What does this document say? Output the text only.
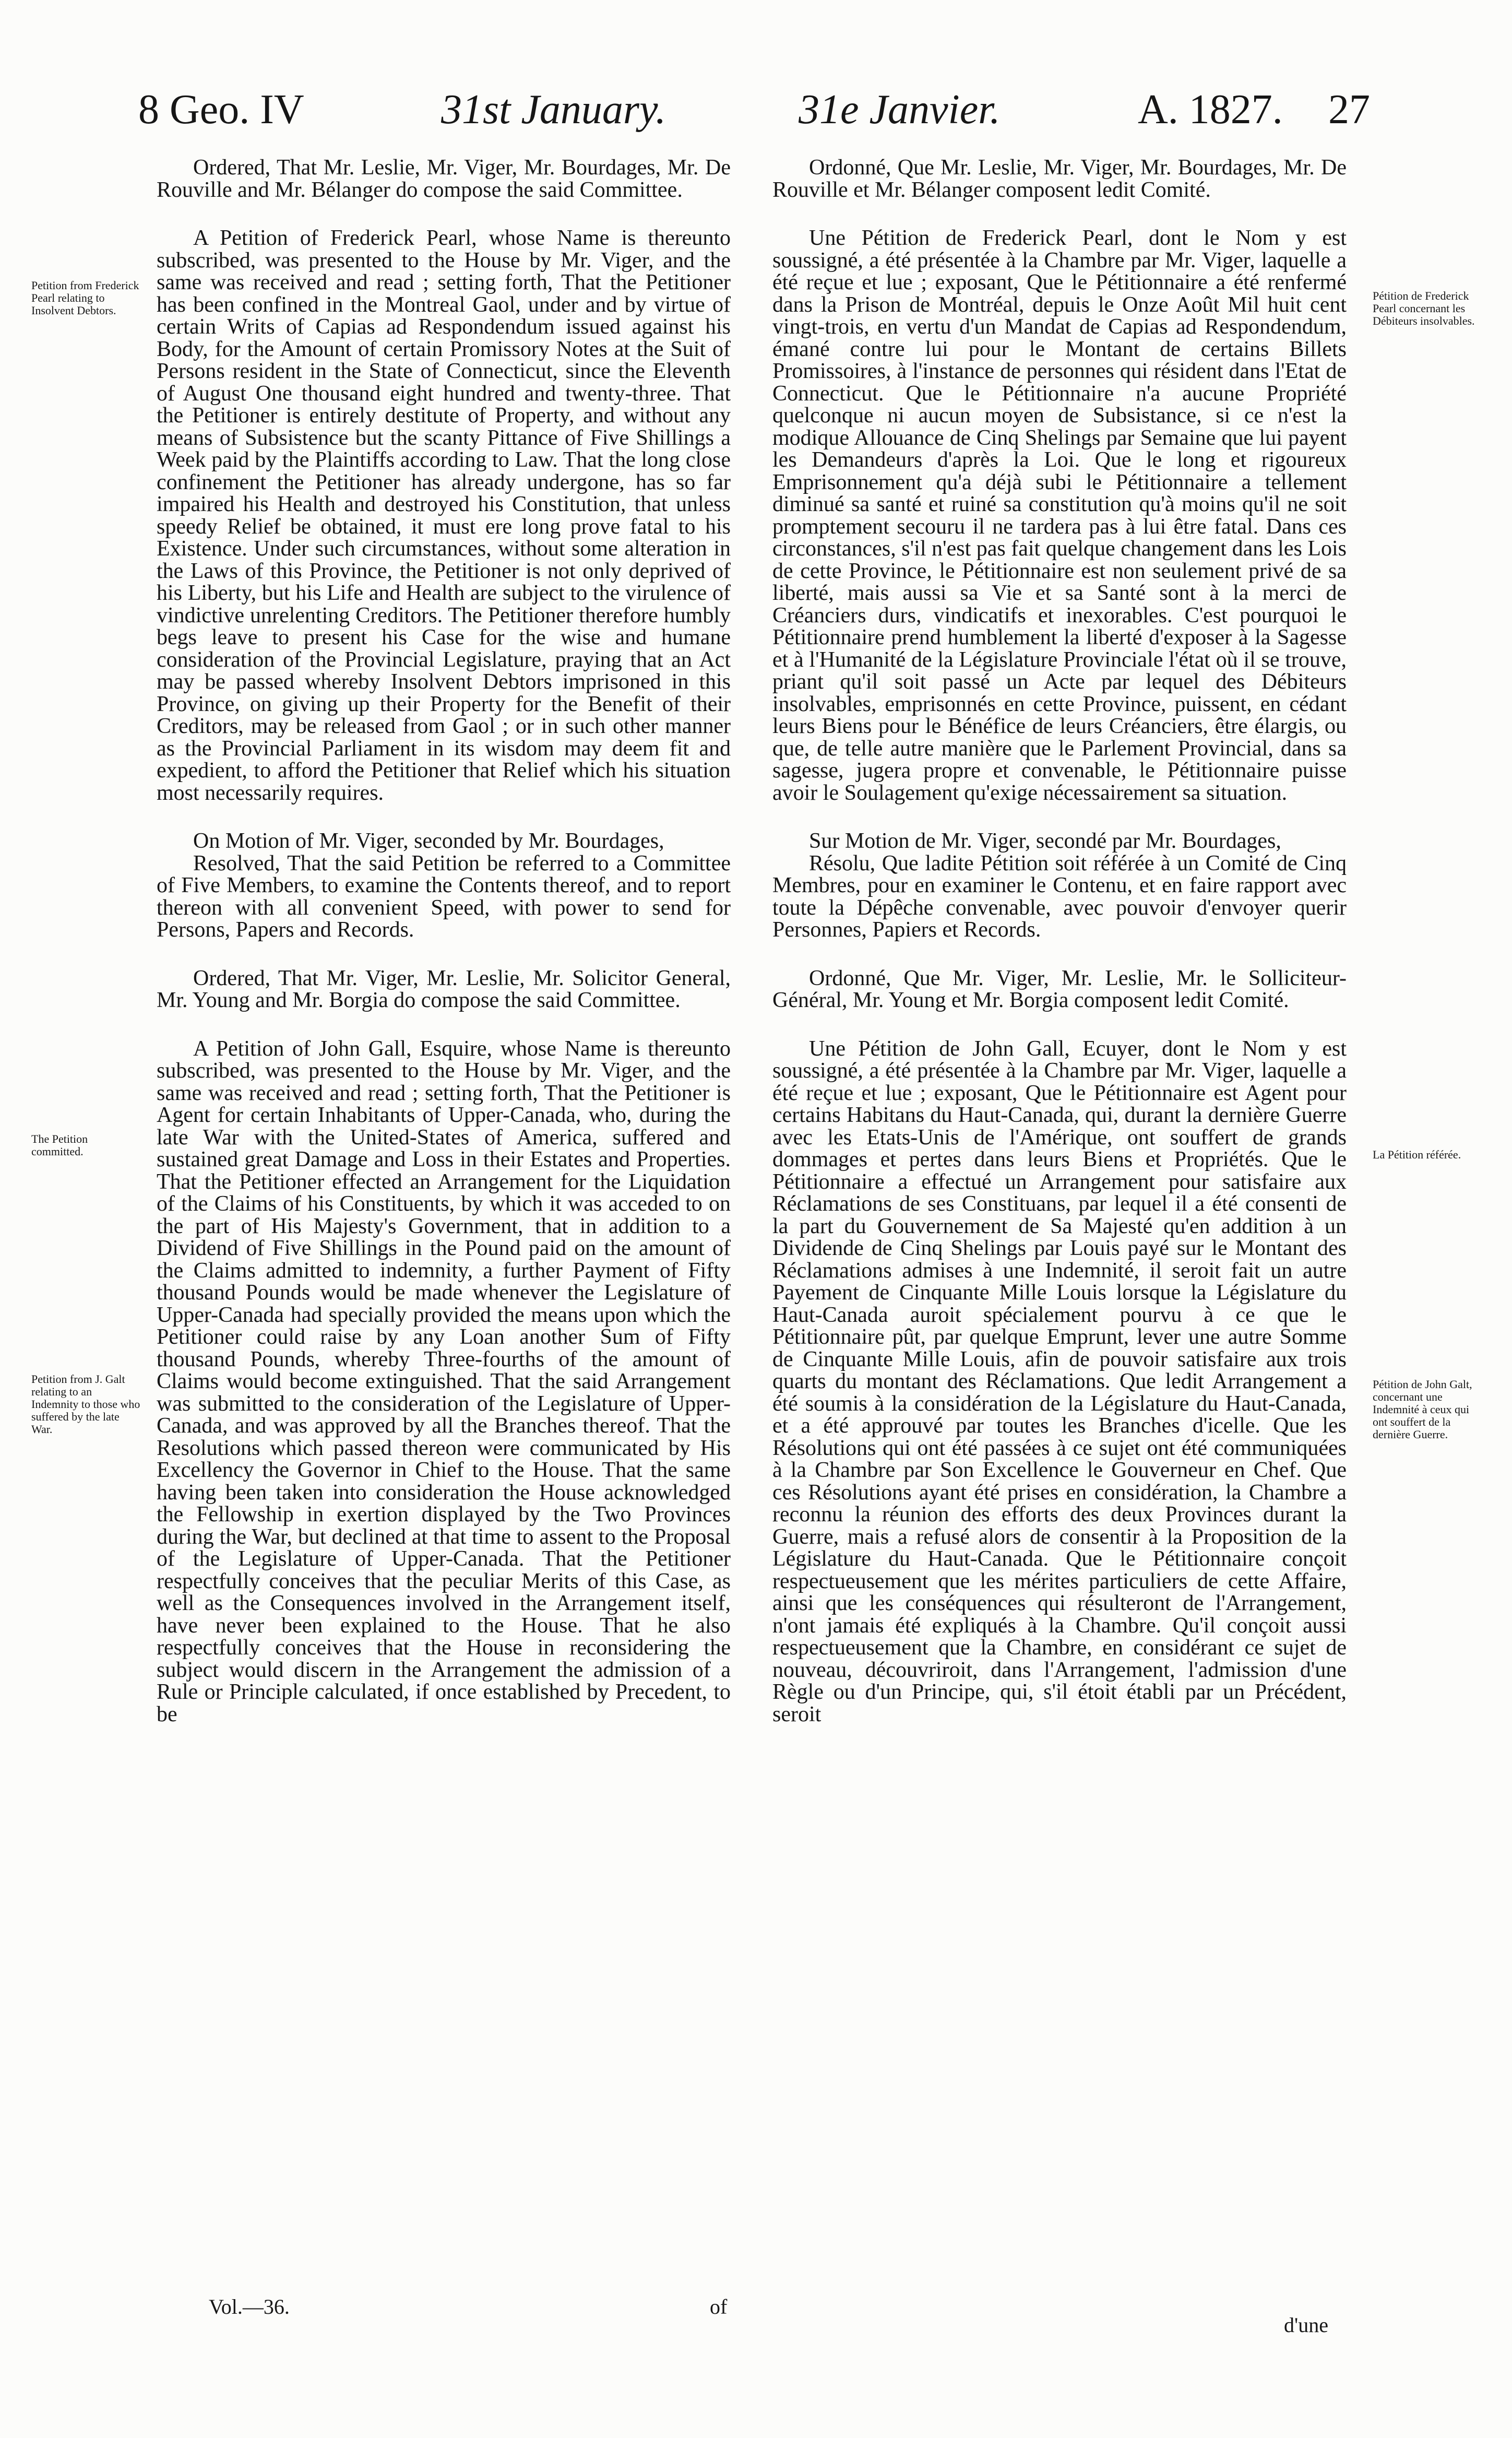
8 Geo. IV	31st January.	31e Janvier.	A. 1827. 27
Petition from Frederick Pearl relating to Insolvent Debtors.
The Petition committed.
Petition from J. Galt relating to an Indemnity to those who suffered by the late War.

Ordered, That Mr. Leslie, Mr. Viger, Mr. Bourdages, Mr. De Rouville and Mr. Bélanger do compose the said Committee.

A Petition of Frederick Pearl, whose Name is thereunto subscribed, was presented to the House by Mr. Viger, and the same was received and read ; setting forth, That the Petitioner has been confined in the Montreal Gaol, under and by virtue of certain Writs of Capias ad Respondendum issued against his Body, for the Amount of certain Promissory Notes at the Suit of Persons resident in the State of Connecticut, since the Eleventh of August One thousand eight hundred and twenty-three. That the Petitioner is entirely destitute of Property, and without any means of Subsistence but the scanty Pittance of Five Shillings a Week paid by the Plaintiffs according to Law. That the long close confinement the Petitioner has already undergone, has so far impaired his Health and destroyed his Constitution, that unless speedy Relief be obtained, it must ere long prove fatal to his Existence. Under such circumstances, without some alteration in the Laws of this Province, the Petitioner is not only deprived of his Liberty, but his Life and Health are subject to the virulence of vindictive unrelenting Creditors. The Petitioner therefore humbly begs leave to present his Case for the wise and humane consideration of the Provincial Legislature, praying that an Act may be passed whereby Insolvent Debtors imprisoned in this Province, on giving up their Property for the Benefit of their Creditors, may be released from Gaol ; or in such other manner as the Provincial Parliament in its wisdom may deem fit and expedient, to afford the Petitioner that Relief which his situation most necessarily requires.

On Motion of Mr. Viger, seconded by Mr. Bourdages,

Resolved, That the said Petition be referred to a Committee of Five Members, to examine the Contents thereof, and to report thereon with all convenient Speed, with power to send for Persons, Papers and Records.

Ordered, That Mr. Viger, Mr. Leslie, Mr. Solicitor General, Mr. Young and Mr. Borgia do compose the said Committee.

A Petition of John Gall, Esquire, whose Name is thereunto subscribed, was presented to the House by Mr. Viger, and the same was received and read ; setting forth, That the Petitioner is Agent for certain Inhabitants of Upper-Canada, who, during the late War with the United-States of America, suffered and sustained great Damage and Loss in their Estates and Properties. That the Petitioner effected an Arrangement for the Liquidation of the Claims of his Constituents, by which it was acceded to on the part of His Majesty's Government, that in addition to a Dividend of Five Shillings in the Pound paid on the amount of the Claims admitted to indemnity, a further Payment of Fifty thousand Pounds would be made whenever the Legislature of Upper-Canada had specially provided the means upon which the Petitioner could raise by any Loan another Sum of Fifty thousand Pounds, whereby Three-fourths of the amount of Claims would become extinguished. That the said Arrangement was submitted to the consideration of the Legislature of Upper-Canada, and was approved by all the Branches thereof. That the Resolutions which passed thereon were communicated by His Excellency the Governor in Chief to the House. That the same having been taken into consideration the House acknowledged the Fellowship in exertion displayed by the Two Provinces during the War, but declined at that time to assent to the Proposal of the Legislature of Upper-Canada. That the Petitioner respectfully conceives that the peculiar Merits of this Case, as well as the Consequences involved in the Arrangement itself, have never been explained to the House. That he also respectfully conceives that the House in reconsidering the subject would discern in the Arrangement the admission of a Rule or Principle calculated, if once established by Precedent, to be

Ordonné, Que Mr. Leslie, Mr. Viger, Mr. Bourdages, Mr. De Rouville et Mr. Bélanger composent ledit Comité.

Une Pétition de Frederick Pearl, dont le Nom y est soussigné, a été présentée à la Chambre par Mr. Viger, laquelle a été reçue et lue ; exposant, Que le Pétitionnaire a été renfermé dans la Prison de Montréal, depuis le Onze Août Mil huit cent vingt-trois, en vertu d'un Mandat de Capias ad Respondendum, émané contre lui pour le Montant de certains Billets Promissoires, à l'instance de personnes qui résident dans l'Etat de Connecticut. Que le Pétitionnaire n'a aucune Propriété quelconque ni aucun moyen de Subsistance, si ce n'est la modique Allouance de Cinq Shelings par Semaine que lui payent les Demandeurs d'après la Loi. Que le long et rigoureux Emprisonnement qu'a déjà subi le Pétitionnaire a tellement diminué sa santé et ruiné sa constitution qu'à moins qu'il ne soit promptement secouru il ne tardera pas à lui être fatal. Dans ces circonstances, s'il n'est pas fait quelque changement dans les Lois de cette Province, le Pétitionnaire est non seulement privé de sa liberté, mais aussi sa Vie et sa Santé sont à la merci de Créanciers durs, vindicatifs et inexorables. C'est pourquoi le Pétitionnaire prend humblement la liberté d'exposer à la Sagesse et à l'Humanité de la Législature Provinciale l'état où il se trouve, priant qu'il soit passé un Acte par lequel des Débiteurs insolvables, emprisonnés en cette Province, puissent, en cédant leurs Biens pour le Bénéfice de leurs Créanciers, être élargis, ou que, de telle autre manière que le Parlement Provincial, dans sa sagesse, jugera propre et convenable, le Pétitionnaire puisse avoir le Soulagement qu'exige nécessairement sa situation.

Sur Motion de Mr. Viger, secondé par Mr. Bourdages,

Résolu, Que ladite Pétition soit référée à un Comité de Cinq Membres, pour en examiner le Contenu, et en faire rapport avec toute la Dépêche convenable, avec pouvoir d'envoyer querir Personnes, Papiers et Records.

Ordonné, Que Mr. Viger, Mr. Leslie, Mr. le Solliciteur-Général, Mr. Young et Mr. Borgia composent ledit Comité.

Une Pétition de John Gall, Ecuyer, dont le Nom y est soussigné, a été présentée à la Chambre par Mr. Viger, laquelle a été reçue et lue ; exposant, Que le Pétitionnaire est Agent pour certains Habitans du Haut-Canada, qui, durant la dernière Guerre avec les Etats-Unis de l'Amérique, ont souffert de grands dommages et pertes dans leurs Biens et Propriétés. Que le Pétitionnaire a effectué un Arrangement pour satisfaire aux Réclamations de ses Constituans, par lequel il a été consenti de la part du Gouvernement de Sa Majesté qu'en addition à un Dividende de Cinq Shelings par Louis payé sur le Montant des Réclamations admises à une Indemnité, il seroit fait un autre Payement de Cinquante Mille Louis lorsque la Législature du Haut-Canada auroit spécialement pourvu à ce que le Pétitionnaire pût, par quelque Emprunt, lever une autre Somme de Cinquante Mille Louis, afin de pouvoir satisfaire aux trois quarts du montant des Réclamations. Que ledit Arrangement a été soumis à la considération de la Législature du Haut-Canada, et a été approuvé par toutes les Branches d'icelle. Que les Résolutions qui ont été passées à ce sujet ont été communiquées à la Chambre par Son Excellence le Gouverneur en Chef. Que ces Résolutions ayant été prises en considération, la Chambre a reconnu la réunion des efforts des deux Provinces durant la Guerre, mais a refusé alors de consentir à la Proposition de la Législature du Haut-Canada. Que le Pétitionnaire conçoit respectueusement que les mérites particuliers de cette Affaire, ainsi que les conséquences qui résulteront de l'Arrangement, n'ont jamais été expliqués à la Chambre. Qu'il conçoit aussi respectueusement que la Chambre, en considérant ce sujet de nouveau, découvriroit, dans l'Arrangement, l'admission d'une Règle ou d'un Principe, qui, s'il étoit établi par un Précédent, seroit

Pétition de Frederick Pearl concernant les Débiteurs insolvables.
La Pétition référée.
Pétition de John Galt, concernant une Indemnité à ceux qui ont souffert de la dernière Guerre.
Vol.—36.	of
d'une
